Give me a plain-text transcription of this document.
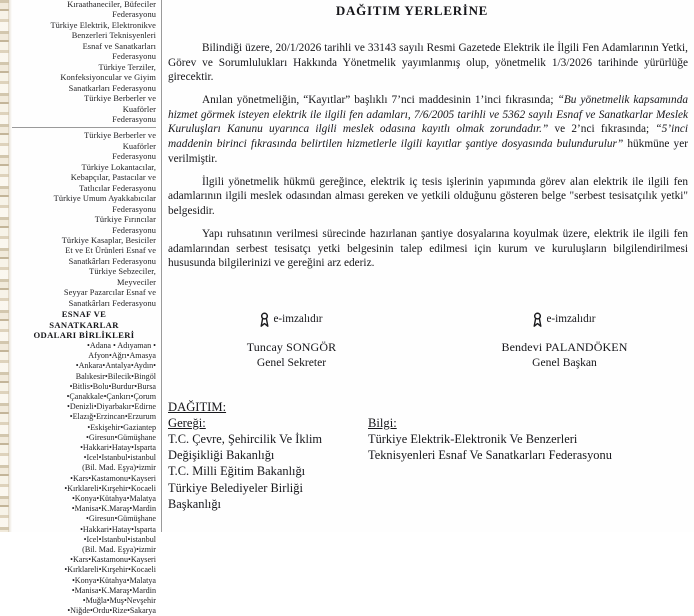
Kıraathaneciler, Büfeciler
Federasyonu
Türkiye Elektrik, Elektronikve
Benzerleri Teknisyenleri
Esnaf ve Sanatkarları
Federasyonu
Türkiye Terziler,
Konfeksiyoncular ve Giyim
Sanatkarları Federasyonu
Türkiye Berberler ve
Kuaförler
Federasyonu
Türkiye Berberler ve
Kuaförler
Federasyonu
Türkiye Lokantacılar,
Kebapçılar, Pastacılar ve
Tatlıcılar Federasyonu
Türkiye Umum Ayakkabıcılar
Federasyonu
Türkiye Fırıncılar
Federasyonu
Türkiye Kasaplar, Besiciler
Et ve Et Ürünleri Esnaf ve
Sanatkârları Federasyonu
Türkiye Sebzeciler,
Meyveciler
Seyyar Pazarcılar Esnaf ve
Sanatkârları Federasyonu
ESNAF VE
SANATKARLAR
ODALARI BİRLİKLERİ
•Adana • Adıyaman •
Afyon•Ağrı•Amasya
•Ankara•Antalya•Aydın•
Balıkesir•Bilecik•Bingöl
•Bitlis•Bolu•Burdur•Bursa
•Çanakkale•Çankırı•Çorum
•Denizli•Diyarbakır•Edirne
•Elazığ•Erzincan•Erzurum
•Eskişehir•Gaziantep
•Giresun•Gümüşhane
•Hakkari•Hatay•Isparta
•Icel•Istanbul•istanbul
(Bil. Mad. Eşya)•izmir
•Kars•Kastamonu•Kayseri
•Kırklareli•Kırşehir•Kocaeli
•Konya•Kütahya•Malatya
•Manisa•K.Maraş•Mardin
•Giresun•Gümüşhane
•Hakkari•Hatay•Isparta
•Icel•Istanbul•istanbul
(Bil. Mad. Eşya)•izmir
•Kars•Kastamonu•Kayseri
•Kırklareli•Kırşehir•Kocaeli
•Konya•Kütahya•Malatya
•Manisa•K.Maraş•Mardin
•Muğla•Muş•Nevşehir
•Niğde•Ordu•Rize•Sakarya
DAĞITIM YERLERİNE

Bilindiği üzere, 20/1/2026 tarihli ve 33143 sayılı Resmi Gazetede Elektrik ile İlgili Fen Adamlarının Yetki, Görev ve Sorumlulukları Hakkında Yönetmelik yayımlanmış olup, yönetmelik 1/3/2026 tarihinde yürürlüğe girecektir.

Anılan yönetmeliğin, “Kayıtlar” başlıklı 7’nci maddesinin 1’inci fıkrasında; “Bu yönetmelik kapsamında hizmet görmek isteyen elektrik ile ilgili fen adamları, 7/6/2005 tarihli ve 5362 sayılı Esnaf ve Sanatkarlar Meslek Kuruluşları Kanunu uyarınca ilgili meslek odasına kayıtlı olmak zorundadır.” ve 2’nci fıkrasında; “5’inci maddenin birinci fıkrasında belirtilen hizmetlerle ilgili kayıtlar şantiye dosyasında bulundurulur” hükmüne yer verilmiştir.

İlgili yönetmelik hükmü gereğince, elektrik iç tesis işlerinin yapımında görev alan elektrik ile ilgili fen adamlarının ilgili meslek odasından alması gereken ve yetkili olduğunu gösteren belge "serbest tesisatçılık yetki" belgesidir.

Yapı ruhsatının verilmesi sürecinde hazırlanan şantiye dosyalarına koyulmak üzere, elektrik ile ilgili fen adamlarından serbest tesisatçı yetki belgesinin talep edilmesi için kurum ve kuruluşların bilgilendirilmesi hususunda bilgilerinizi ve gereğini arz ederiz.

e-imzalıdır
Tuncay SONGÖR
Genel Sekreter
e-imzalıdır
Bendevi PALANDÖKEN
Genel Başkan
DAĞITIM:
Gereği:
T.C. Çevre, Şehircilik Ve İklim
Değişikliği Bakanlığı
T.C. Milli Eğitim Bakanlığı
Türkiye Belediyeler Birliği
Başkanlığı
Bilgi:
Türkiye Elektrik-Elektronik Ve Benzerleri
Teknisyenleri Esnaf Ve Sanatkarları Federasyonu
